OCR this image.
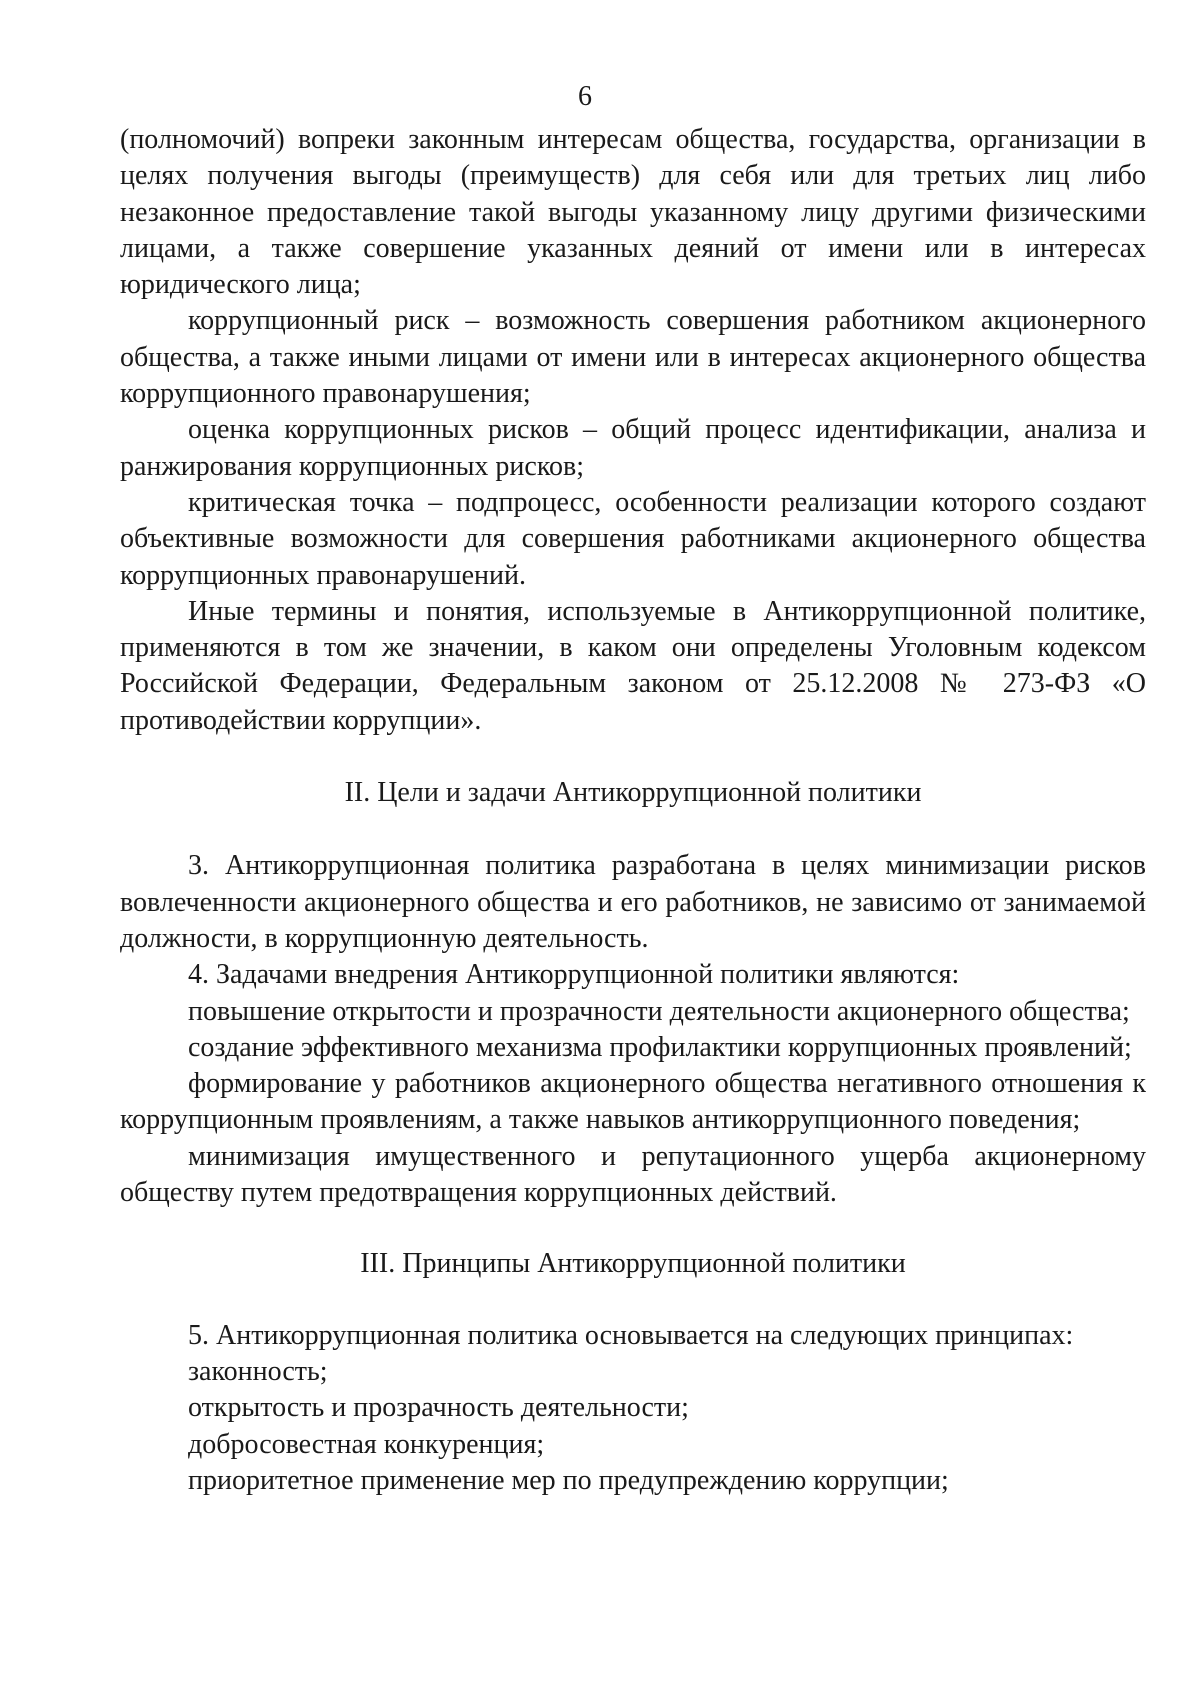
6

(полномочий) вопреки законным интересам общества, государства, организации в целях получения выгоды (преимуществ) для себя или для третьих лиц либо незаконное предоставление такой выгоды указанному лицу другими физическими лицами, а также совершение указанных деяний от имени или в интересах юридического лица;

коррупционный риск – возможность совершения работником акционерного общества, а также иными лицами от имени или в интересах акционерного общества коррупционного правонарушения;

оценка коррупционных рисков – общий процесс идентификации, анализа и ранжирования коррупционных рисков;

критическая точка – подпроцесс, особенности реализации которого создают объективные возможности для совершения работниками акционерного общества коррупционных правонарушений.

Иные термины и понятия, используемые в Антикоррупционной политике, применяются в том же значении, в каком они определены Уголовным кодексом Российской Федерации, Федеральным законом от 25.12.2008 № 273-ФЗ «О противодействии коррупции».

II. Цели и задачи Антикоррупционной политики

3. Антикоррупционная политика разработана в целях минимизации рисков вовлеченности акционерного общества и его работников, не зависимо от занимаемой должности, в коррупционную деятельность.

4. Задачами внедрения Антикоррупционной политики являются:

повышение открытости и прозрачности деятельности акционерного общества;

создание эффективного механизма профилактики коррупционных проявлений;

формирование у работников акционерного общества негативного отношения к коррупционным проявлениям, а также навыков антикоррупционного поведения;

минимизация имущественного и репутационного ущерба акционерному обществу путем предотвращения коррупционных действий.

III. Принципы Антикоррупционной политики

5. Антикоррупционная политика основывается на следующих принципах:

законность;

открытость и прозрачность деятельности;

добросовестная конкуренция;

приоритетное применение мер по предупреждению коррупции;
